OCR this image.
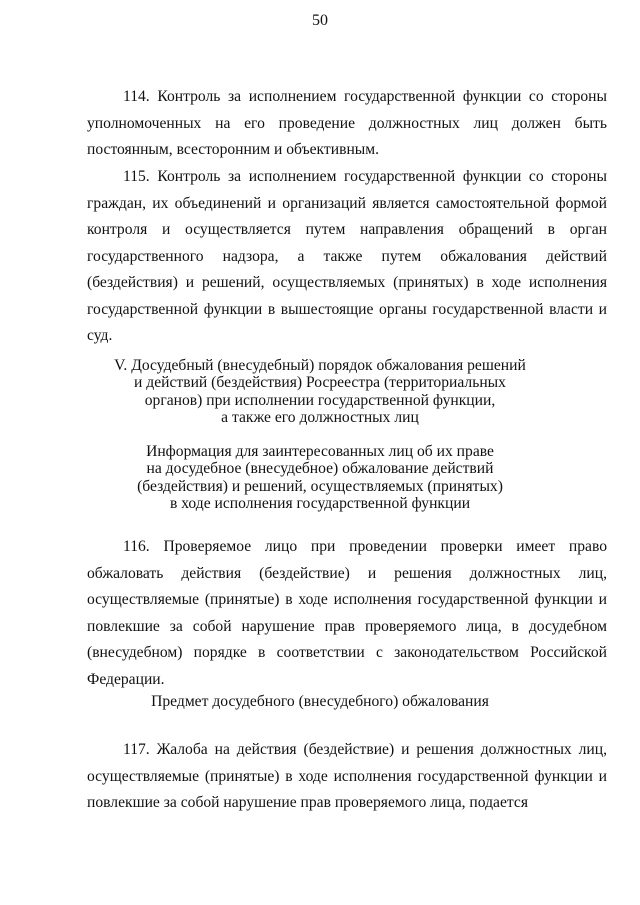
50

114. Контроль за исполнением государственной функции со стороны уполномоченных на его проведение должностных лиц должен быть постоянным, всесторонним и объективным.

115. Контроль за исполнением государственной функции со стороны граждан, их объединений и организаций является самостоятельной формой контроля и осуществляется путем направления обращений в орган государственного надзора, а также путем обжалования действий (бездействия) и решений, осуществляемых (принятых) в ходе исполнения государственной функции в вышестоящие органы государственной власти и суд.

V. Досудебный (внесудебный) порядок обжалования решений
и действий (бездействия) Росреестра (территориальных
органов) при исполнении государственной функции,
а также его должностных лиц
Информация для заинтересованных лиц об их праве
на досудебное (внесудебное) обжалование действий
(бездействия) и решений, осуществляемых (принятых)
в ходе исполнения государственной функции

116. Проверяемое лицо при проведении проверки имеет право обжаловать действия (бездействие) и решения должностных лиц, осуществляемые (принятые) в ходе исполнения государственной функции и повлекшие за собой нарушение прав проверяемого лица, в досудебном (внесудебном) порядке в соответствии с законодательством Российской Федерации.

Предмет досудебного (внесудебного) обжалования

117. Жалоба на действия (бездействие) и решения должностных лиц, осуществляемые (принятые) в ходе исполнения государственной функции и повлекшие за собой нарушение прав проверяемого лица, подается
